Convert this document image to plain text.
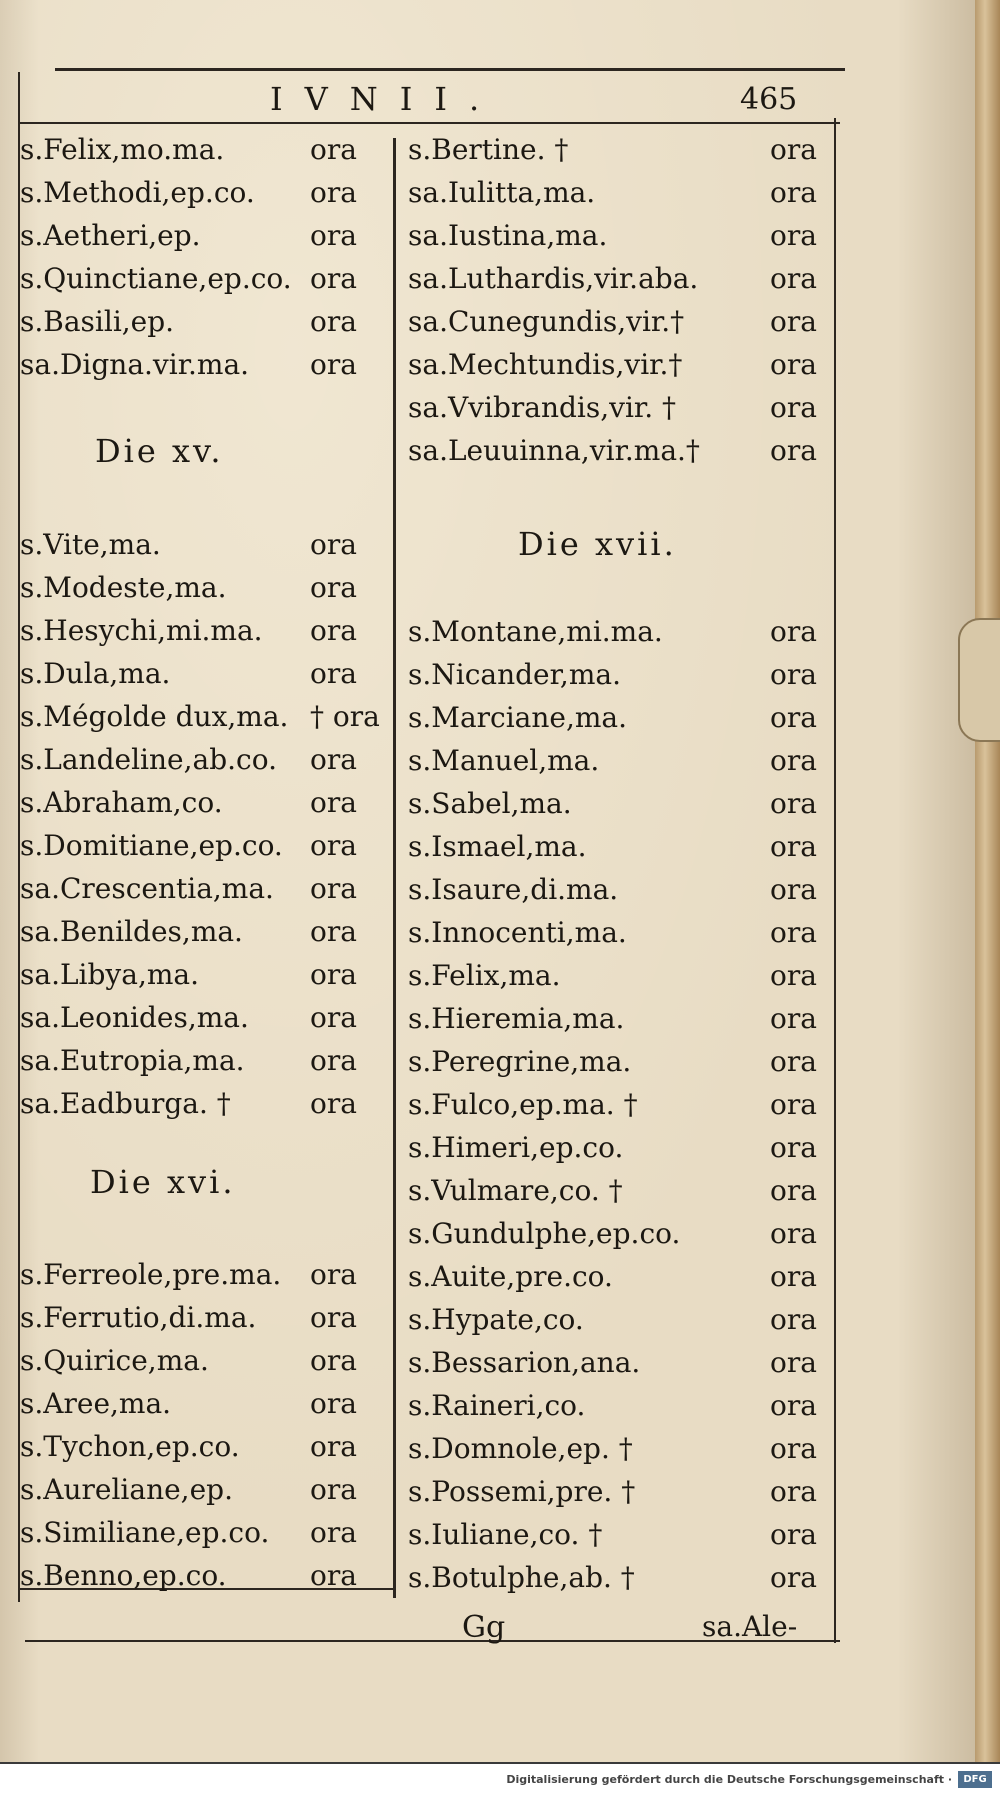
IVNII.	465
s.Felix,mo.ma.	ora
s.Methodi,ep.co. ora
s.Aetheri,ep.	ora
s.Quinctiane,ep.co. ora
s.Basili,ep.	ora
sa.Digna.vir.ma. ora
Die xv.
s.Vite,ma.	ora
s.Modeste,ma.	ora
s.Hesychi,mi.ma. ora
s.Dula,ma.	ora
s.Mégolde dux,ma. † ora
s.Landeline,ab.co. ora
s.Abraham,co.	ora
s.Domitiane,ep.co. ora
sa.Crescentia,ma. ora
sa.Benildes,ma. ora
sa.Libya,ma.	ora
sa.Leonides,ma. ora
sa.Eutropia,ma. ora
sa.Eadburga. †	ora
Die xvi.
s.Ferreole,pre.ma. ora
s.Ferrutio,di.ma. ora
s.Quirice,ma.	ora
s.Aree,ma.	ora
s.Tychon,ep.co.	ora
s.Aureliane,ep.	ora
s.Similiane,ep.co. ora
s.Benno,ep.co.	ora
s.Bertine. †	ora
sa.Iulitta,ma.	ora
sa.Iustina,ma.	ora
sa.Luthardis,vir.aba.	ora
sa.Cunegundis,vir.†	ora
sa.Mechtundis,vir.†	ora
sa.Vvibrandis,vir. †	ora
sa.Leuuinna,vir.ma.†	ora
Die xvii.
s.Montane,mi.ma.	ora
s.Nicander,ma.	ora
s.Marciane,ma.	ora
s.Manuel,ma.	ora
s.Sabel,ma.	ora
s.Ismael,ma.	ora
s.Isaure,di.ma.	ora
s.Innocenti,ma.	ora
s.Felix,ma.	ora
s.Hieremia,ma.	ora
s.Peregrine,ma.	ora
s.Fulco,ep.ma. †	ora
s.Himeri,ep.co.	ora
s.Vulmare,co. †	ora
s.Gundulphe,ep.co.	ora
s.Auite,pre.co.	ora
s.Hypate,co.	ora
s.Bessarion,ana.	ora
s.Raineri,co.	ora
s.Domnole,ep. †	ora
s.Possemi,pre. †	ora
s.Iuliane,co. †	ora
s.Botulphe,ab. †	ora
Gg	sa.Ale-
Digitalisierung gefördert durch die Deutsche Forschungsgemeinschaft ·	DFG
